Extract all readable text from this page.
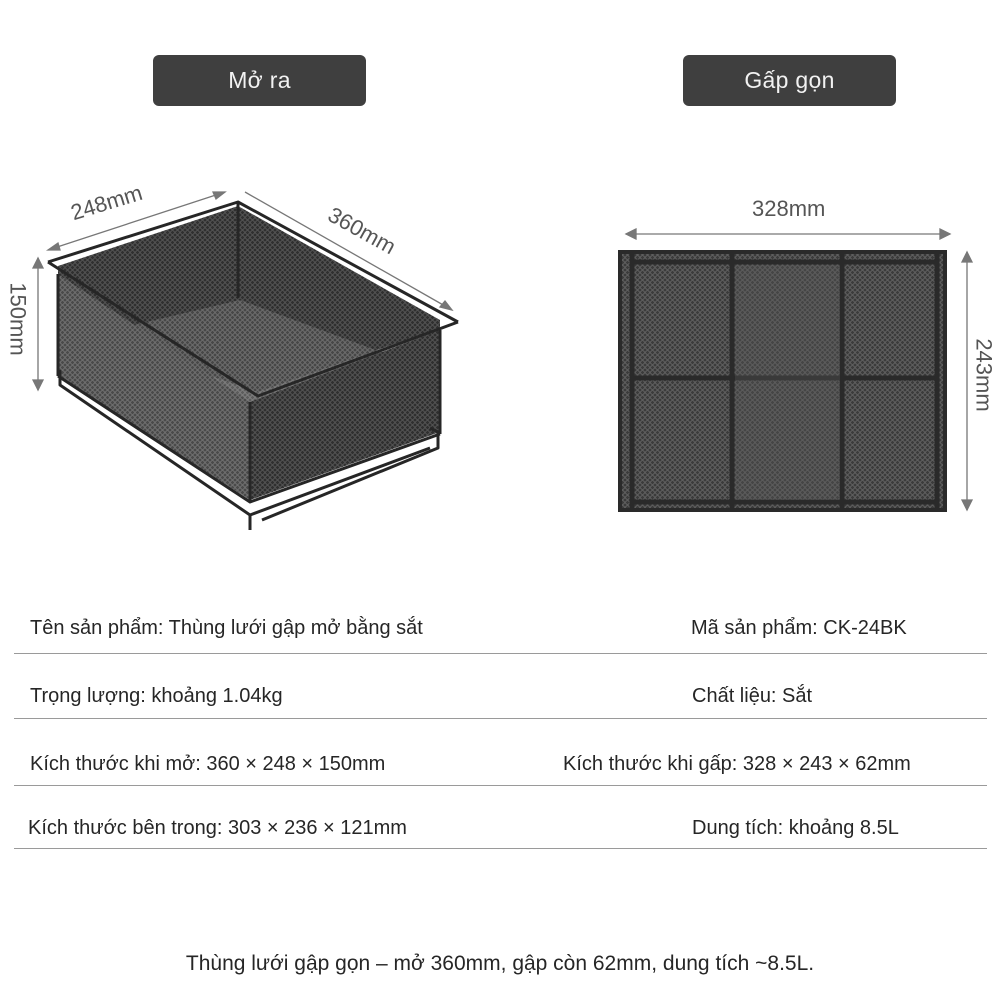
Mở ra	Gấp gọn
248mm	360mm
150mm
328mm
243mm
Tên sản phẩm: Thùng lưới gập mở bằng sắt	Mã sản phẩm: CK-24BK
Trọng lượng: khoảng 1.04kg	Chất liệu: Sắt
Kích thước khi mở: 360 × 248 × 150mm	Kích thước khi gấp: 328 × 243 × 62mm
Kích thước bên trong: 303 × 236 × 121mm	Dung tích: khoảng 8.5L
Thùng lưới gập gọn – mở 360mm, gập còn 62mm, dung tích ~8.5L.
